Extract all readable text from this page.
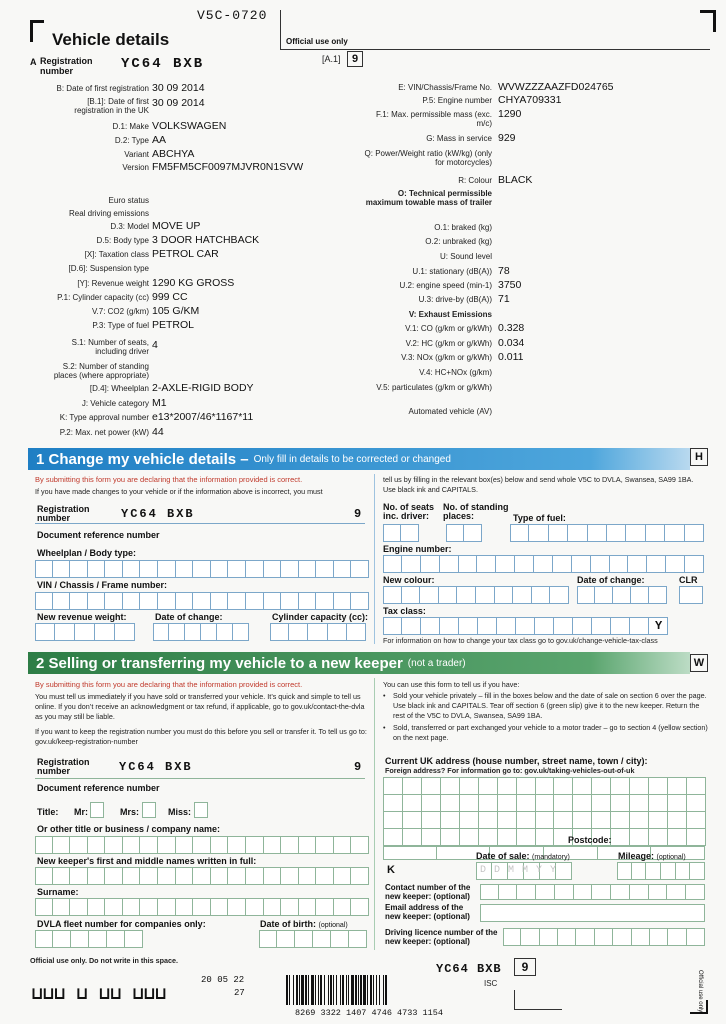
V5C-0720
Vehicle details	Official use only
[A.1]	9
A Registration number	YC64 BXB
B: Date of first registration 30 09 2014
[B.1]: Date of first registration in the UK
30 09 2014
D.1: Make VOLKSWAGEN
D.2: Type AA
Variant ABCHYA
Version FM5FM5CF0097MJVR0N1SVW
Euro status
Real driving emissions
D.3: Model MOVE UP
D.5: Body type 3 DOOR HATCHBACK
[X]: Taxation class PETROL CAR
[D.6]: Suspension type
[Y]: Revenue weight 1290 KG GROSS
P.1: Cylinder capacity (cc) 999 CC
V.7: CO2 (g/km) 105 G/KM
P.3: Type of fuel PETROL
S.1: Number of seats, including driver
4
S.2: Number of standing places (where appropriate)
[D.4]: Wheelplan 2-AXLE-RIGID BODY
J: Vehicle category M1
K: Type approval number e13*2007/46*1167*11
P.2: Max. net power (kW) 44
E: VIN/Chassis/Frame No. WVWZZZAAZFD024765
P.5: Engine number CHYA709331
F.1: Max. permissible mass (exc. m/c)
1290
G: Mass in service 929
Q: Power/Weight ratio (kW/kg) (only for motorcycles)
R: Colour BLACK
O: Technical permissible maximum towable mass of trailer
O.1: braked (kg)
O.2: unbraked (kg)
U: Sound level
U.1: stationary (dB(A)) 78
U.2: engine speed (min-1) 3750
U.3: drive-by (dB(A)) 71
V: Exhaust Emissions
V.1: CO (g/km or g/kWh) 0.328
V.2: HC (g/km or g/kWh) 0.034
V.3: NOx (g/km or g/kWh) 0.011
V.4: HC+NOx (g/km)
V.5: particulates (g/km or g/kWh)
Automated vehicle (AV)
1 Change my vehicle details – Only fill in details to be corrected or changed	H
By submitting this form you are declaring that the information provided is correct.
If you have made changes to your vehicle or if the information above is incorrect, you must
tell us by filling in the relevant box(es) below and send whole V5C to DVLA, Swansea, SA99 1BA. Use black ink and CAPITALS.
Registration number	YC64 BXB	9
Document reference number
Wheelplan / Body type:
VIN / Chassis / Frame number:
New revenue weight:	Date of change:	Cylinder capacity (cc):
No. of seats inc. driver:
No. of standing places:	Type of fuel:
Engine number:
New colour:	Date of change:	CLR
Tax class:
Y
For information on how to change your tax class go to gov.uk/change-vehicle-tax-class
2 Selling or transferring my vehicle to a new keeper (not a trader)	W
By submitting this form you are declaring that the information provided is correct.
You must tell us immediately if you have sold or transferred your vehicle. It’s quick and simple to tell us online. If you don’t receive an acknowledgment or tax refund, if applicable, go to gov.uk/contact-the-dvla as you may still be liable.
If you want to keep the registration number you must do this before you sell or transfer it. To tell us go to: gov.uk/keep-registration-number
You can use this form to tell us if you have:
• Sold your vehicle privately – fill in the boxes below and the date of sale on section 6 over the page. Use black ink and CAPITALS. Tear off section 6 (green slip) give it to the new keeper. Return the rest of the V5C to DVLA, Swansea, SA99 1BA.
• Sold, transferred or part exchanged your vehicle to a motor trader – go to section 4 (yellow section) on the next page.
Registration number	YC64 BXB	9
Document reference number
Title: Mr:	Mrs:	Miss:
Or other title or business / company name:
New keeper's first and middle names written in full:
Surname:
DVLA fleet number for companies only:	Date of birth: (optional)
Current UK address (house number, street name, town / city):
Foreign address? For information go to: gov.uk/taking-vehicles-out-of-uk
Postcode:
K
Date of sale: (mandatory)	Mileage: (optional)
D D M M Y Y
Contact number of the new keeper: (optional)
Email address of the new keeper: (optional)
Driving licence number of the new keeper: (optional)
Official use only. Do not write in this space.
⊔⊔⊔ ⊔ ⊔⊔ ⊔⊔⊔
20 05 22
27
8269 3322 1407 4746 4733 1154
YC64 BXB	9
ISC	Official use only
